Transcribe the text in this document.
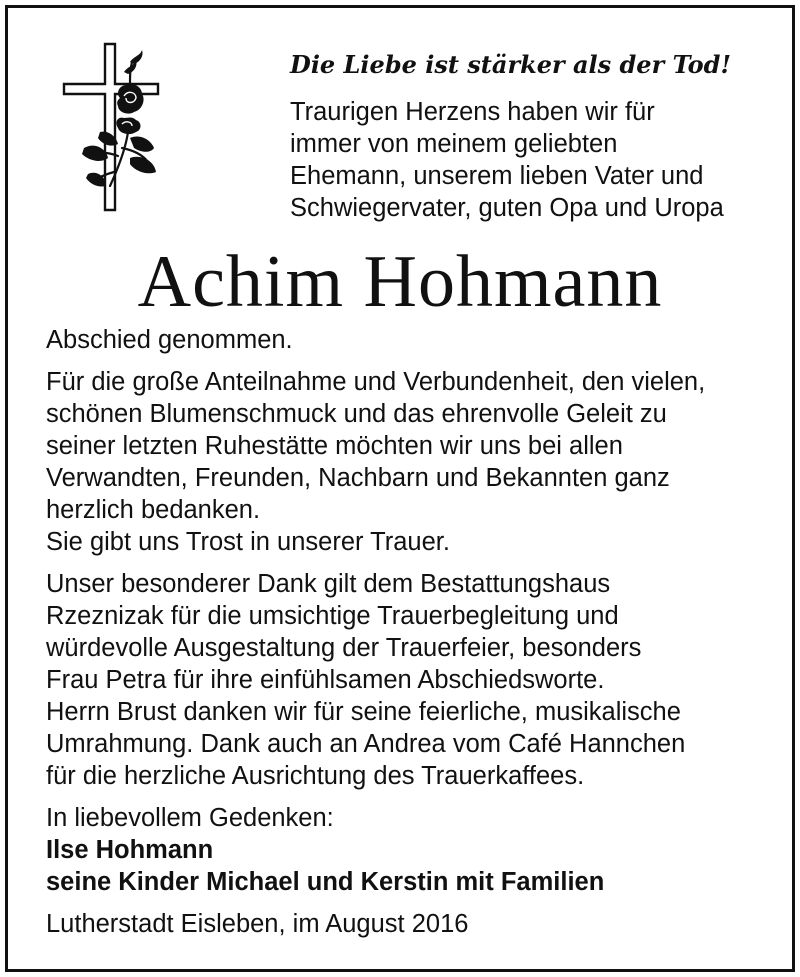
Die Liebe ist stärker als der Tod!
Traurigen Herzens haben wir für
immer von meinem geliebten
Ehemann, unserem lieben Vater und
Schwiegervater, guten Opa und Uropa
Achim Hohmann
Abschied genommen.
Für die große Anteilnahme und Verbundenheit, den vielen,
schönen Blumenschmuck und das ehrenvolle Geleit zu
seiner letzten Ruhestätte möchten wir uns bei allen
Verwandten, Freunden, Nachbarn und Bekannten ganz
herzlich bedanken.
Sie gibt uns Trost in unserer Trauer.
Unser besonderer Dank gilt dem Bestattungshaus
Rzeznizak für die umsichtige Trauerbegleitung und
würdevolle Ausgestaltung der Trauerfeier, besonders
Frau Petra für ihre einfühlsamen Abschiedsworte.
Herrn Brust danken wir für seine feierliche, musikalische
Umrahmung. Dank auch an Andrea vom Café Hannchen
für die herzliche Ausrichtung des Trauerkaffees.
In liebevollem Gedenken:
Ilse Hohmann
seine Kinder Michael und Kerstin mit Familien
Lutherstadt Eisleben, im August 2016
